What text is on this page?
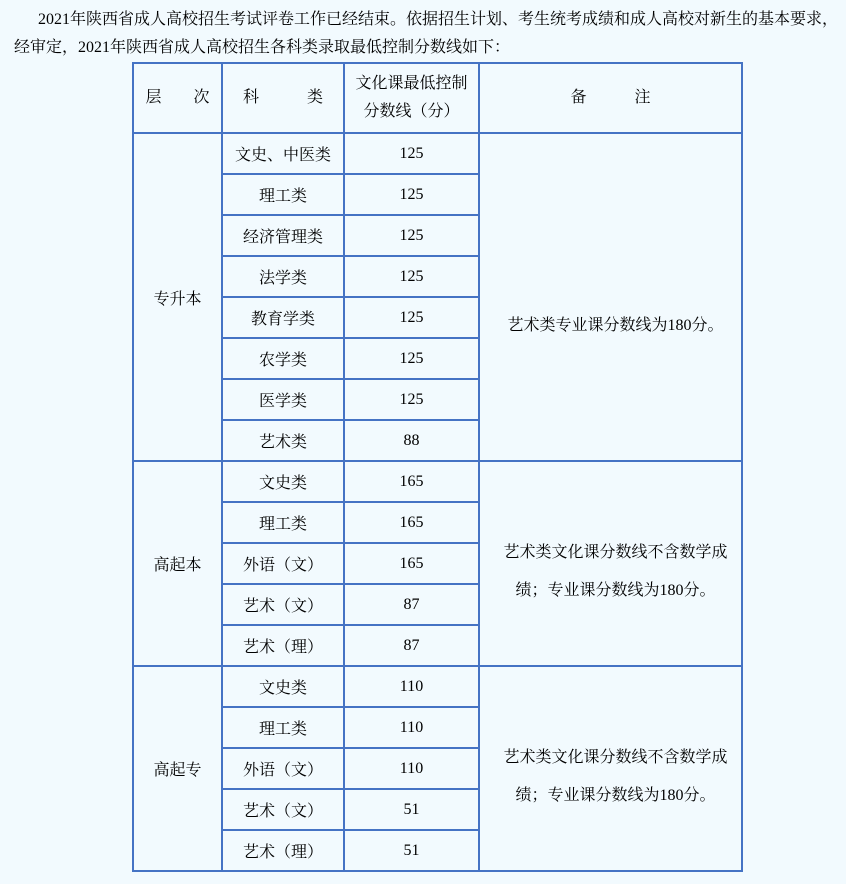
2021年陕西省成人高校招生考试评卷工作已经结束。依据招生计划、考生统考成绩和成人高校对新生的基本要求，
经审定，2021年陕西省成人高校招生各科类录取最低控制分数线如下：
层　　次	科　　　类	文化课最低控制
分数线（分）	备　　　注
专升本	文史、中医类	125	艺术类专业课分数线为180分。

	理工类	125	
	经济管理类	125	
	法学类	125	
	教育学类	125	
	农学类	125	
	医学类	125	
	艺术类	88	
高起本	文史类	165	艺术类文化课分数线不含数学成
绩；专业课分数线为180分。

	理工类	165	
	外语（文）	165	
	艺术（文）	87	
	艺术（理）	87	
高起专	文史类	110	艺术类文化课分数线不含数学成
绩；专业课分数线为180分。

	理工类	110	
	外语（文）	110	
	艺术（文）	51	
	艺术（理）	51	
